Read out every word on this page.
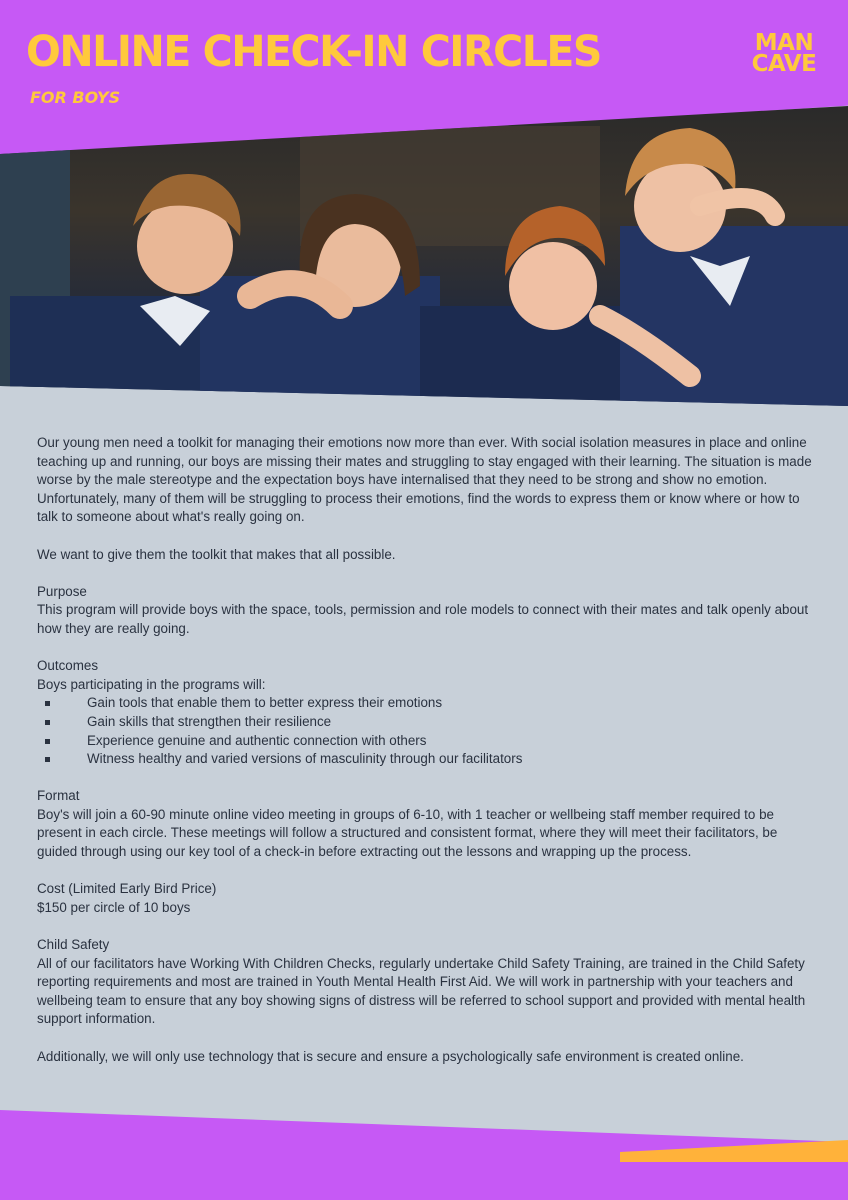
ONLINE CHECK-IN CIRCLES
FOR BOYS
MAN
CAVE

Our young men need a toolkit for managing their emotions now more than ever. With social isolation measures in place and online teaching up and running, our boys are missing their mates and struggling to stay engaged with their learning. The situation is made worse by the male stereotype and the expectation boys have internalised that they need to be strong and show no emotion. Unfortunately, many of them will be struggling to process their emotions, find the words to express them or know where or how to talk to someone about what's really going on.

We want to give them the toolkit that makes that all possible.

Purpose

This program will provide boys with the space, tools, permission and role models to connect with their mates and talk openly about how they are really going.

Outcomes
Boys participating in the programs will:
Gain tools that enable them to better express their emotions
Gain skills that strengthen their resilience
Experience genuine and authentic connection with others
Witness healthy and varied versions of masculinity through our facilitators
Format

Boy's will join a 60-90 minute online video meeting in groups of 6-10, with 1 teacher or wellbeing staff member required to be present in each circle. These meetings will follow a structured and consistent format, where they will meet their facilitators, be guided through using our key tool of a check-in before extracting out the lessons and wrapping up the process.

Cost (Limited Early Bird Price)

$150 per circle of 10 boys

Child Safety

All of our facilitators have Working With Children Checks, regularly undertake Child Safety Training, are trained in the Child Safety reporting requirements and most are trained in Youth Mental Health First Aid. We will work in partnership with your teachers and wellbeing team to ensure that any boy showing signs of distress will be referred to school support and provided with mental health support information.

Additionally, we will only use technology that is secure and ensure a psychologically safe environment is created online.
